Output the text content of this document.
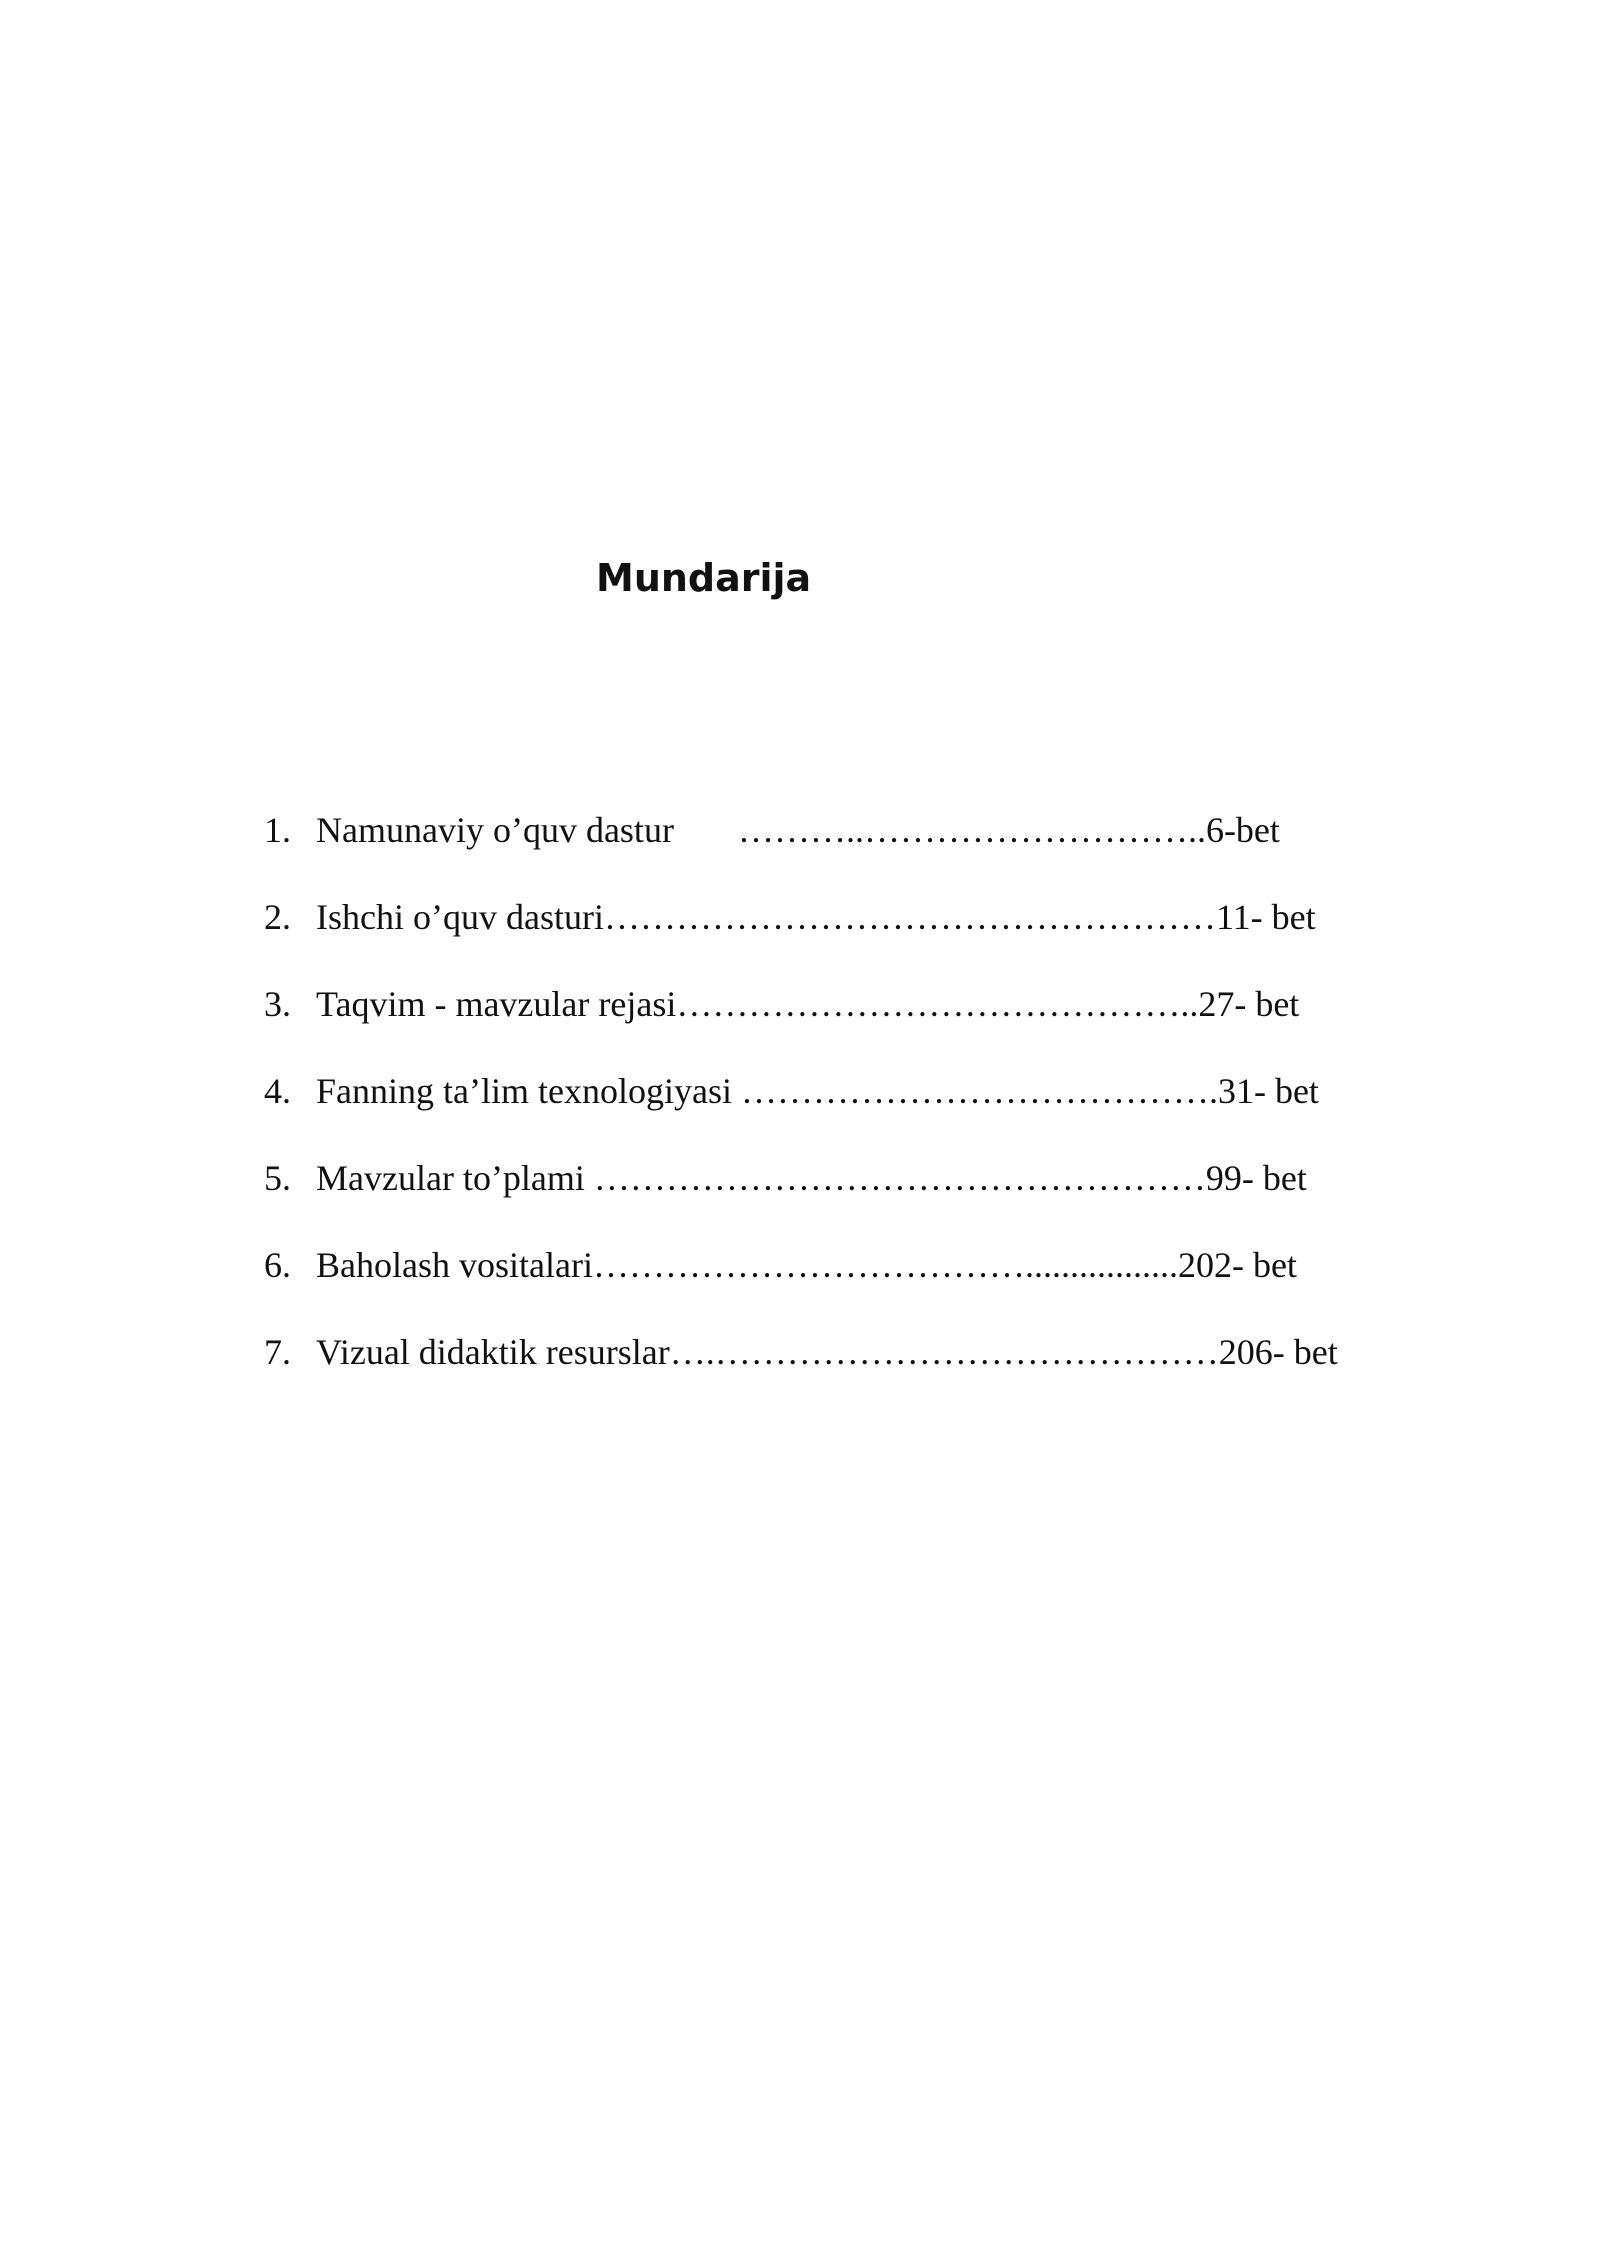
Mundarija
1. Namunaviy o’quv dastur ………..………………………..6-bet
2. Ishchi o’quv dasturi……………………………………………11- bet
3. Taqvim - mavzular rejasi……………………………………..27- bet
4. Fanning ta’lim texnologiyasi ………………………………….31- bet
5. Mavzular to’plami ……………………………………………99- bet
6. Baholash vositalari……………………………….................202- bet
7. Vizual didaktik resurslar….……………………………………206- bet
